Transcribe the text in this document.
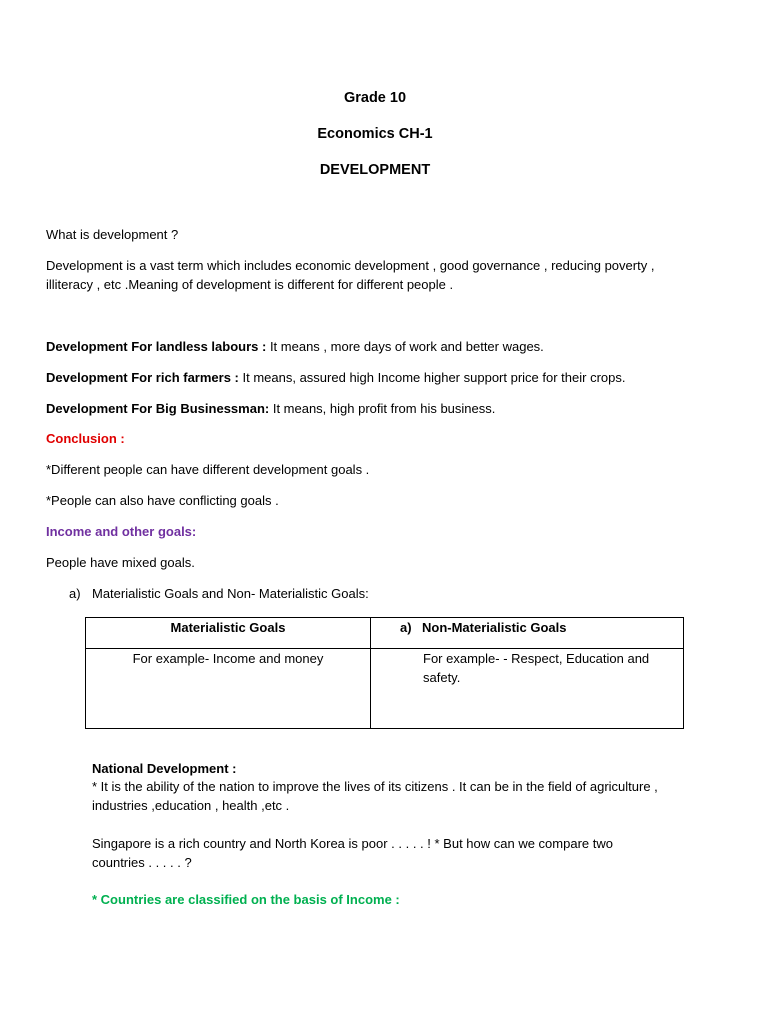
Grade 10

Economics CH-1

DEVELOPMENT

What is development ?

Development is a vast term which includes economic development , good governance , reducing poverty , illiteracy , etc .Meaning of development is different for different people .

Development For landless labours : It means , more days of work and better wages.

Development For rich farmers : It means, assured high Income higher support price for their crops.

Development For Big Businessman: It means, high profit from his business.

Conclusion :

*Different people can have different development goals .

*People can also have conflicting goals .

Income and other goals:

People have mixed goals.

a) Materialistic Goals and Non- Materialistic Goals:

Materialistic Goals	a) Non-Materialistic Goals
For example- Income and money	For example- - Respect, Education and safety.

National Development :

* It is the ability of the nation to improve the lives of its citizens . It can be in the field of agriculture , industries ,education , health ,etc .

Singapore is a rich country and North Korea is poor . . . . . ! * But how can we compare two countries . . . . . ?

* Countries are classified on the basis of Income :
